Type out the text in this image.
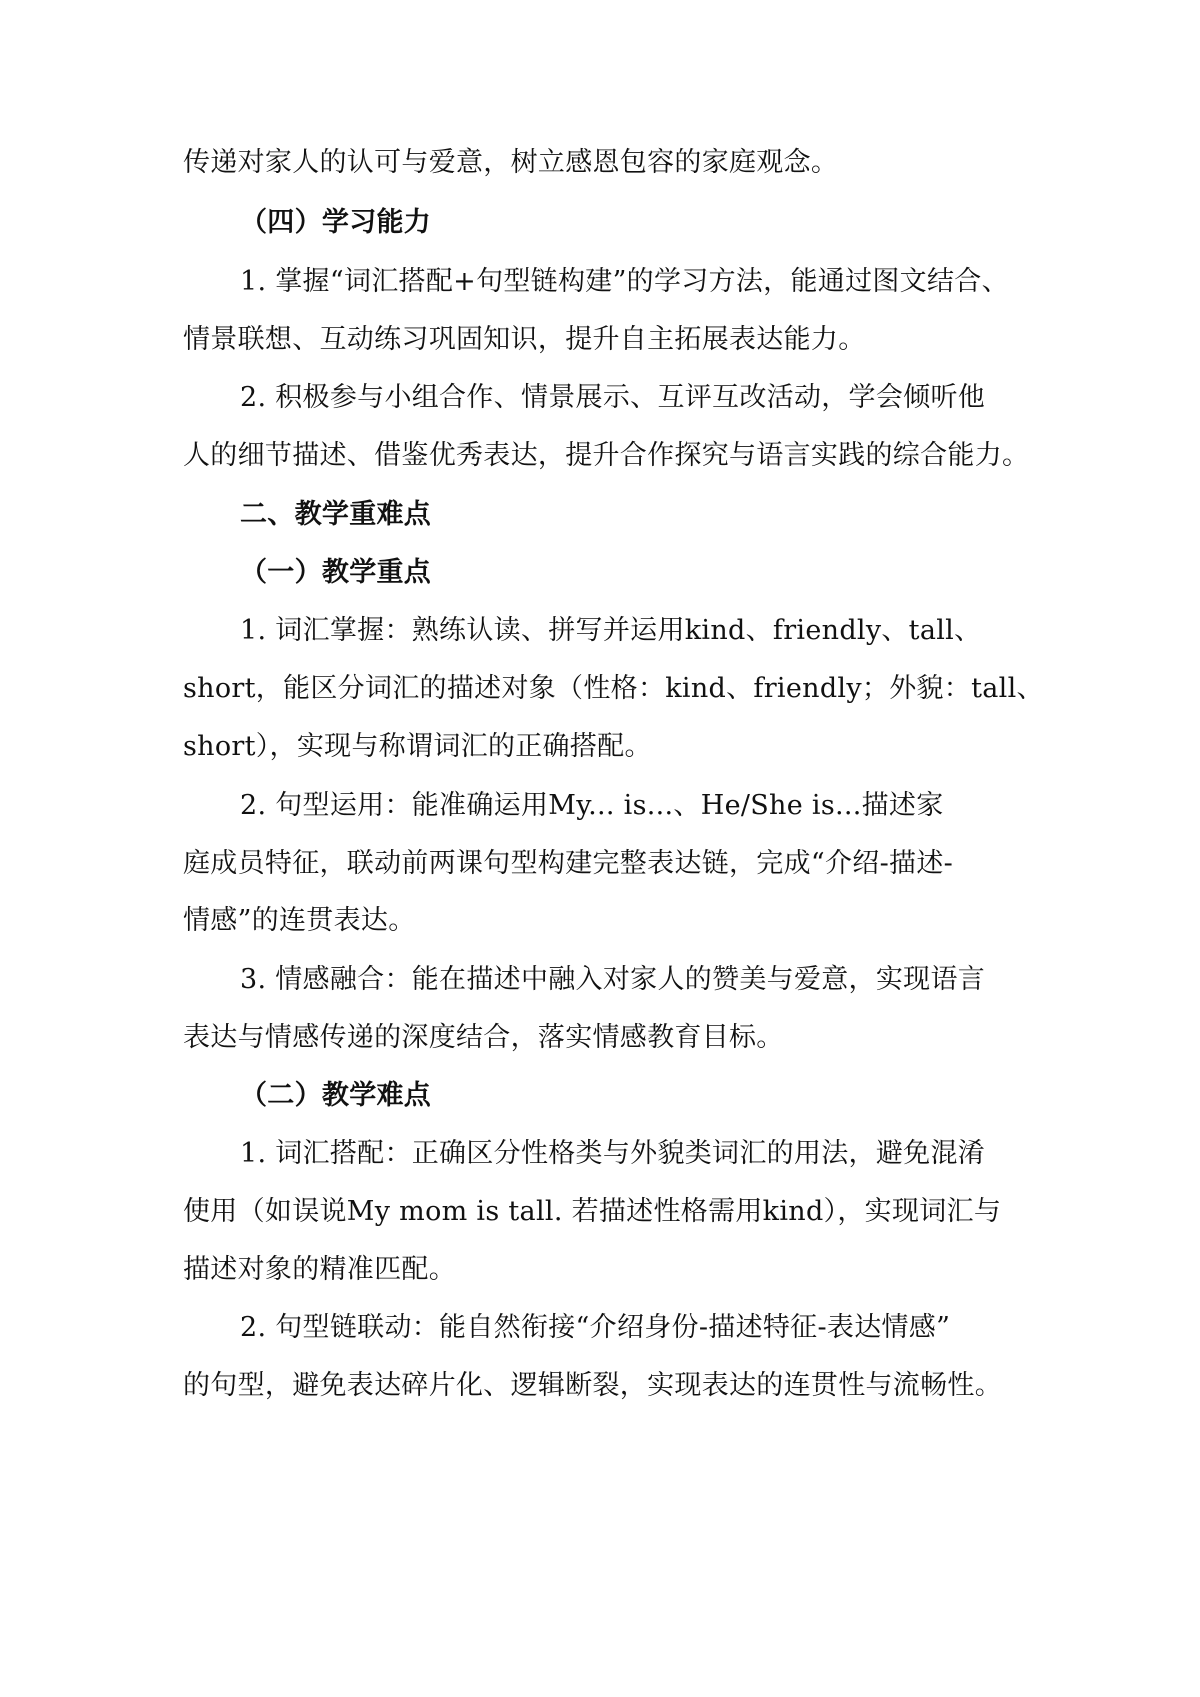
传递对家人的认可与爱意，树立感恩包容的家庭观念。
（四）学习能力
1. 掌握“词汇搭配+句型链构建”的学习方法，能通过图文结合、
情景联想、互动练习巩固知识，提升自主拓展表达能力。
2. 积极参与小组合作、情景展示、互评互改活动，学会倾听他
人的细节描述、借鉴优秀表达，提升合作探究与语言实践的综合能力。
二、教学重难点
（一）教学重点
1. 词汇掌握：熟练认读、拼写并运用kind、friendly、tall、
short，能区分词汇的描述对象（性格：kind、friendly；外貌：tall、
short），实现与称谓词汇的正确搭配。
2. 句型运用：能准确运用My... is...、He/She is...描述家
庭成员特征，联动前两课句型构建完整表达链，完成“介绍-描述-
情感”的连贯表达。
3. 情感融合：能在描述中融入对家人的赞美与爱意，实现语言
表达与情感传递的深度结合，落实情感教育目标。
（二）教学难点
1. 词汇搭配：正确区分性格类与外貌类词汇的用法，避免混淆
使用（如误说My mom is tall. 若描述性格需用kind），实现词汇与
描述对象的精准匹配。
2. 句型链联动：能自然衔接“介绍身份-描述特征-表达情感”
的句型，避免表达碎片化、逻辑断裂，实现表达的连贯性与流畅性。
